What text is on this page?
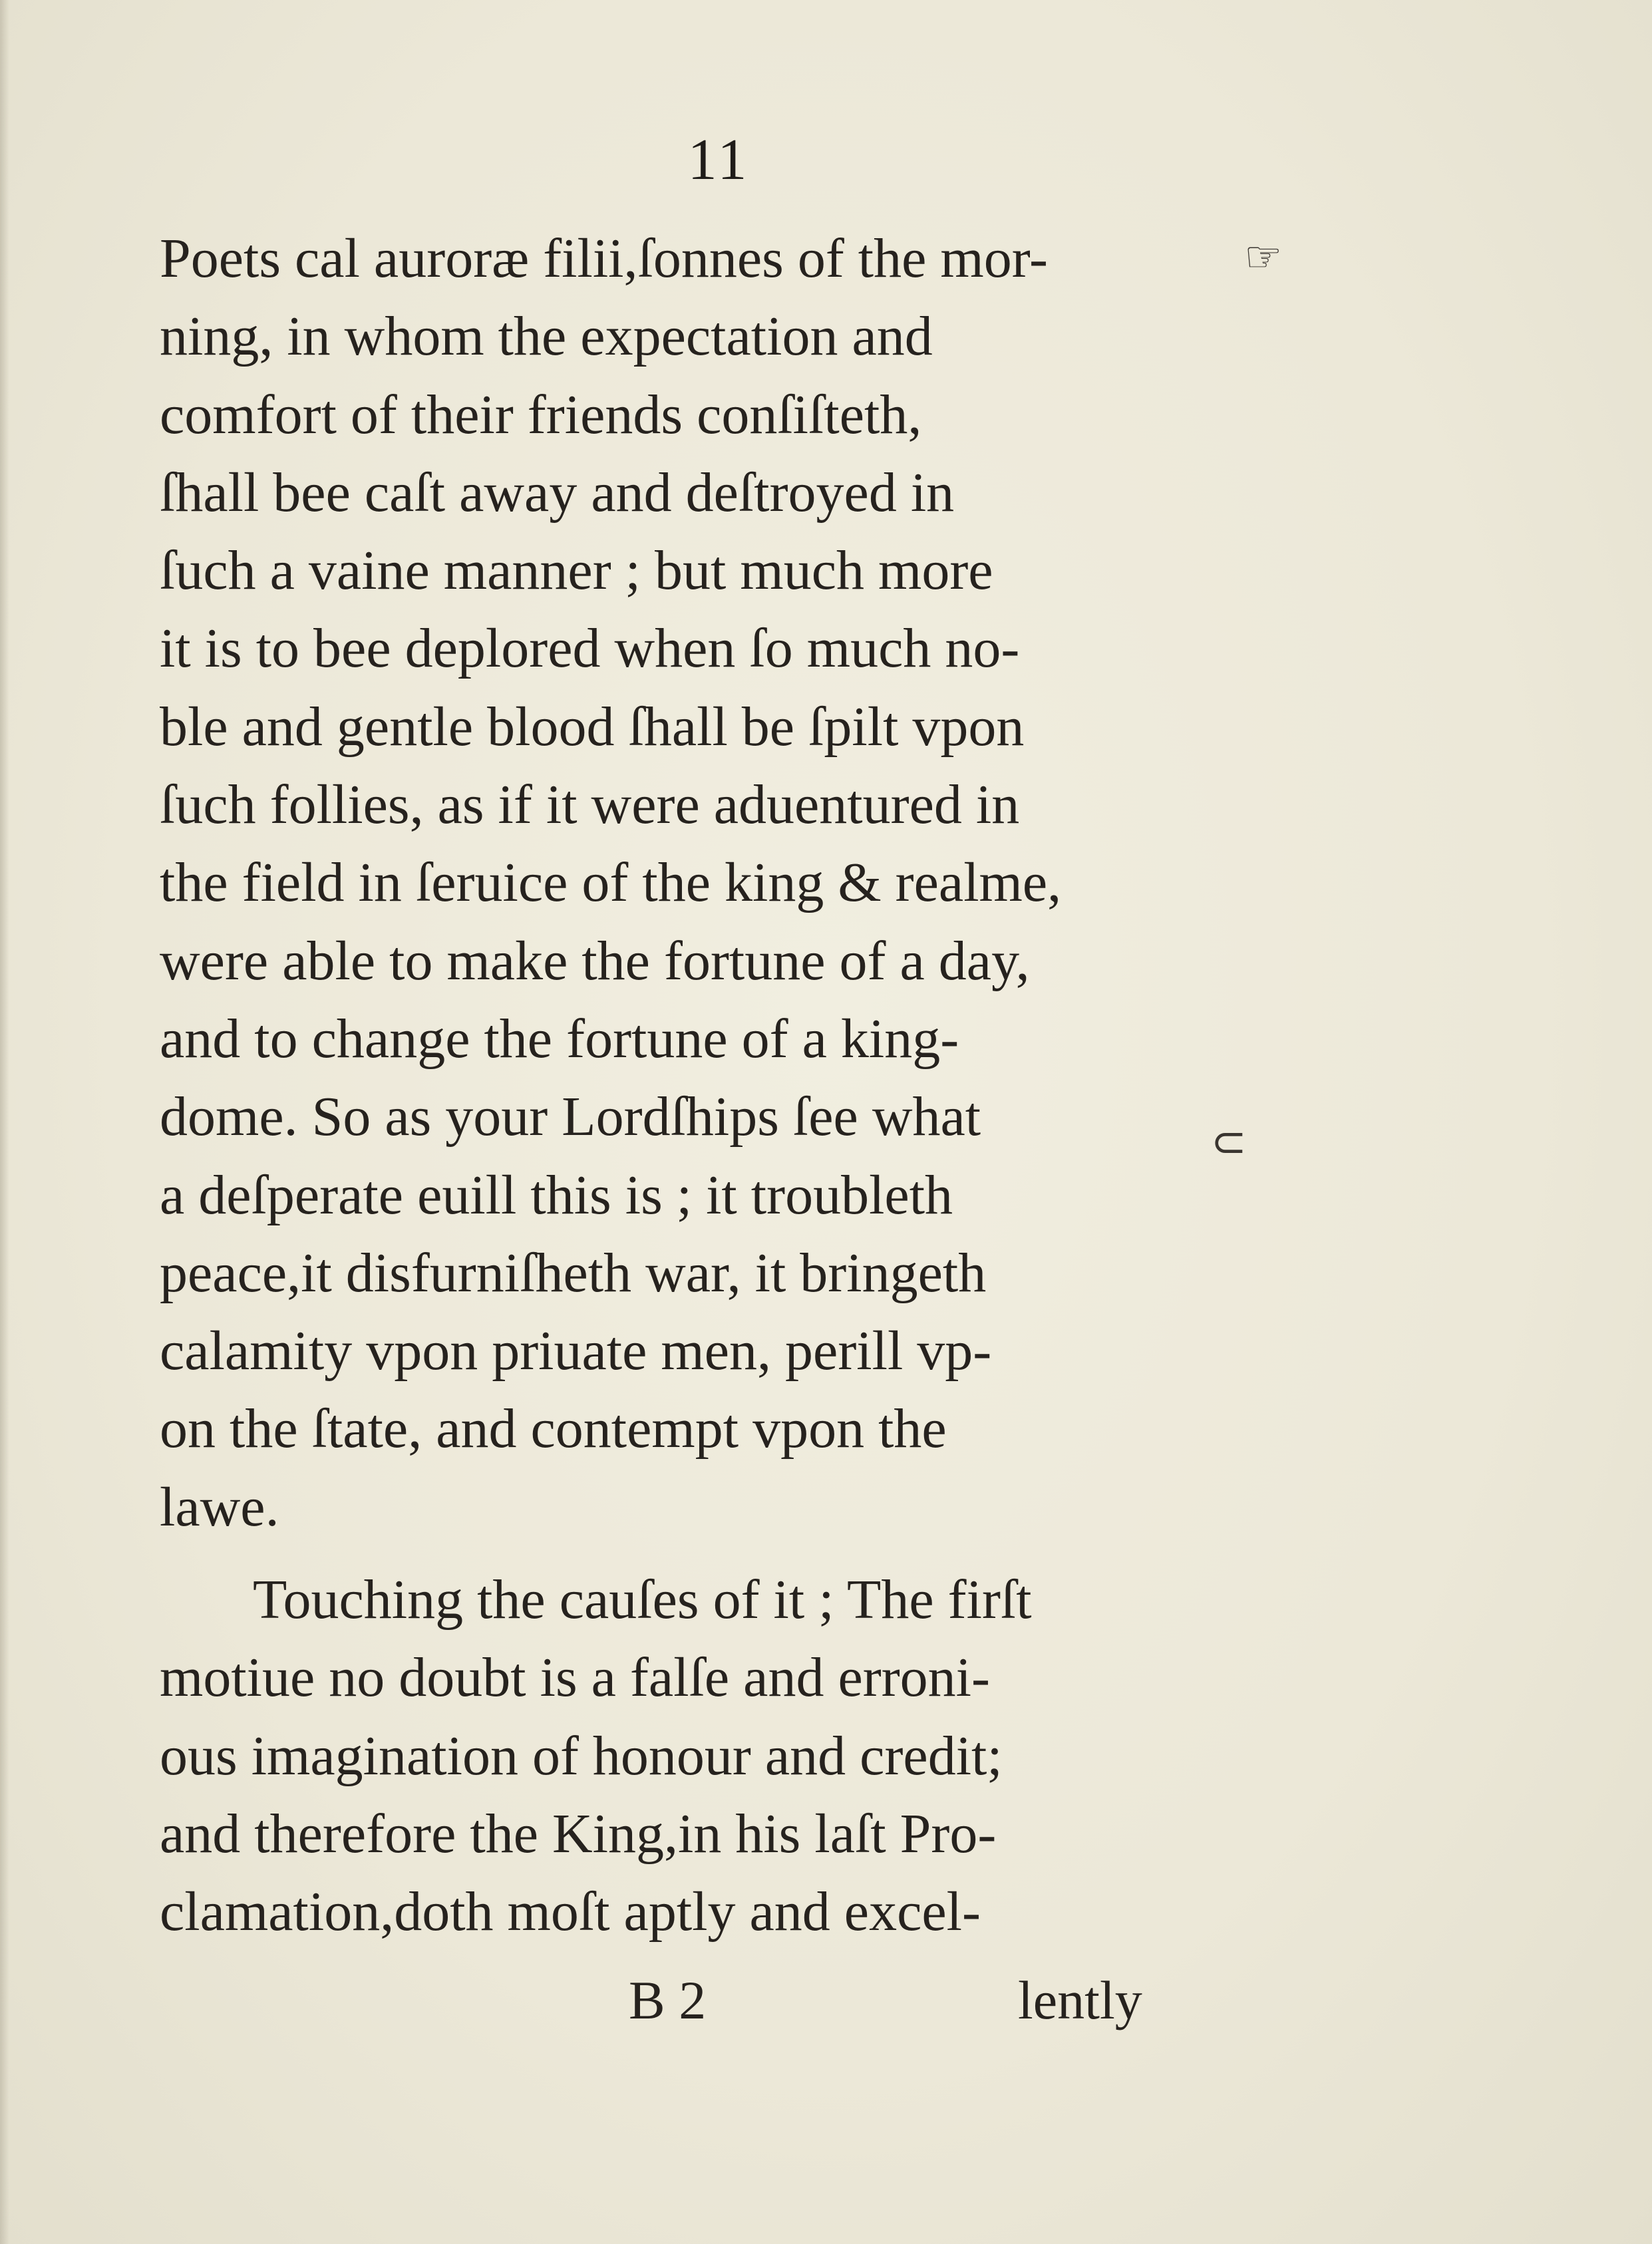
11
☞
⊂
Poets cal auroræ filii,ſonnes of the mor-
ning, in whom the expectation and
comfort of their friends conſiſteth,
ſhall bee caſt away and deſtroyed in
ſuch a vaine manner ; but much more
it is to bee deplored when ſo much no-
ble and gentle blood ſhall be ſpilt vpon
ſuch follies, as if it were aduentured in
the field in ſeruice of the king & realme,
were able to make the fortune of a day,
and to change the fortune of a king-
dome. So as your Lordſhips ſee what
a deſperate euill this is ; it troubleth
peace,it disfurniſheth war, it bringeth
calamity vpon priuate men, perill vp-
on the ſtate, and contempt vpon the
lawe.
Touching the cauſes of it ; The firſt
motiue no doubt is a falſe and erroni-
ous imagination of honour and credit;
and therefore the King,in his laſt Pro-
clamation,doth moſt aptly and excel-
B 2	lently
